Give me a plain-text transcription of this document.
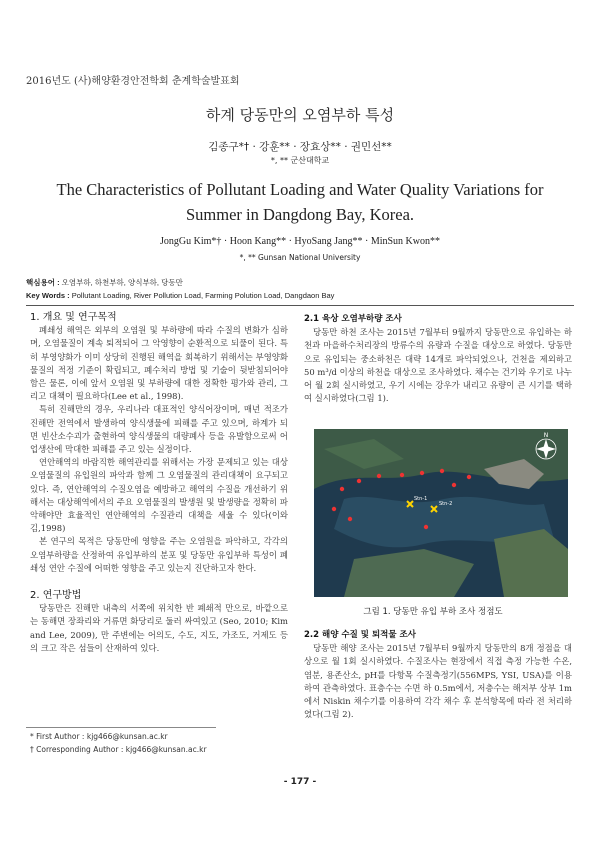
2016년도 (사)해양환경안전학회 춘계학술발표회
하계 당동만의 오염부하 특성
김종구*† · 강훈** · 장효상** · 권민선**
*, ** 군산대학교
The Characteristics of Pollutant Loading and Water Quality Variations for
Summer in Dangdong Bay, Korea.
JongGu Kim*† · Hoon Kang** · HyoSang Jang** · MinSun Kwon**
*, ** Gunsan National University
핵심용어 : 오염부하, 하천부하, 양식부하, 당동만
Key Words : Pollutant Loading, River Pollution Load, Farming Polution Load, Dangdaon Bay
1. 개요 및 연구목적

폐쇄성 해역은 외부의 오염원 및 부하량에 따라 수질의 변화가 심하며, 오염물질이 계속 퇴적되어 그 악영향이 순환적으로 되풀이 된다. 특히 부영양화가 이미 상당히 진행된 해역을 회복하기 위해서는 부영양화 물질의 적정 기준이 확립되고, 폐수처리 방법 및 기술이 뒷받침되어야 함은 물론, 이에 앞서 오염원 및 부하량에 대한 정확한 평가와 관리, 그리고 대책이 필요하다(Lee et al., 1998).

특히 진해만의 경우, 우리나라 대표적인 양식어장이며, 매년 적조가 진해만 전역에서 발생하여 양식생물에 피해를 주고 있으며, 하계가 되면 빈산소수괴가 출현하여 양식생물의 대량폐사 등을 유발함으로써 어업생산에 막대한 피해를 주고 있는 실정이다.

연안해역의 바람직한 해역관리를 위해서는 가장 문제되고 있는 대상 오염물질의 유입원의 파악과 함께 그 오염물질의 관리대책이 요구되고 있다. 즉, 연안해역의 수질오염을 예방하고 해역의 수질을 개선하기 위해서는 대상해역에서의 주요 오염물질의 발생원 및 발생량을 정확히 파악해야만 효율적인 연안해역의 수질관리 대책을 세울 수 있다(이와 김,1998)

본 연구의 목적은 당동만에 영향을 주는 오염원을 파악하고, 각각의 오염부하량을 산정하여 유입부하의 분포 및 당동만 유입부하 특성이 폐쇄성 연안 수질에 어떠한 영향을 주고 있는지 진단하고자 한다.

2. 연구방법

당동만은 진해만 내측의 서쪽에 위치한 반 폐쇄적 만으로, 바깥으로는 동해면 장좌리와 거류면 화당리로 둘러 싸여있고 (Seo, 2010; Kim and Lee, 2009), 만 주변에는 어의도, 수도, 지도, 가조도, 거제도 등의 크고 작은 섬들이 산재하여 있다.

2.1 육상 오염부하량 조사

당동만 하천 조사는 2015년 7월부터 9월까지 당동만으로 유입하는 하천과 마을하수처리장의 방류수의 유량과 수질을 대상으로 하였다. 당동만으로 유입되는 중소하천은 대략 14개로 파악되었으나, 건천을 제외하고 50 m³/d 이상의 하천을 대상으로 조사하였다. 채수는 건기와 우기로 나누어 월 2회 실시하였고, 우기 시에는 강우가 내리고 유량이 큰 시기를 택하여 실시하였다(그림 1).

Stn-1
Stn-2
N
그림 1. 당동만 유입 부하 조사 정점도
2.2 해양 수질 및 퇴적물 조사

당동만 해양 조사는 2015년 7월부터 9월까지 당동만의 8개 정점을 대상으로 월 1회 실시하였다. 수질조사는 현장에서 직접 측정 가능한 수온, 염분, 용존산소, pH를 다항목 수질측정기(556MPS, YSI, USA)를 이용하여 관측하였다. 표층수는 수면 하 0.5m에서, 저층수는 해저부 상부 1m에서 Niskin 채수기를 이용하여 각각 채수 후 분석항목에 따라 전 처리하였다(그림 2).

* First Author : kjg466@kunsan.ac.kr
† Corresponding Author : kjg466@kunsan.ac.kr
- 177 -
